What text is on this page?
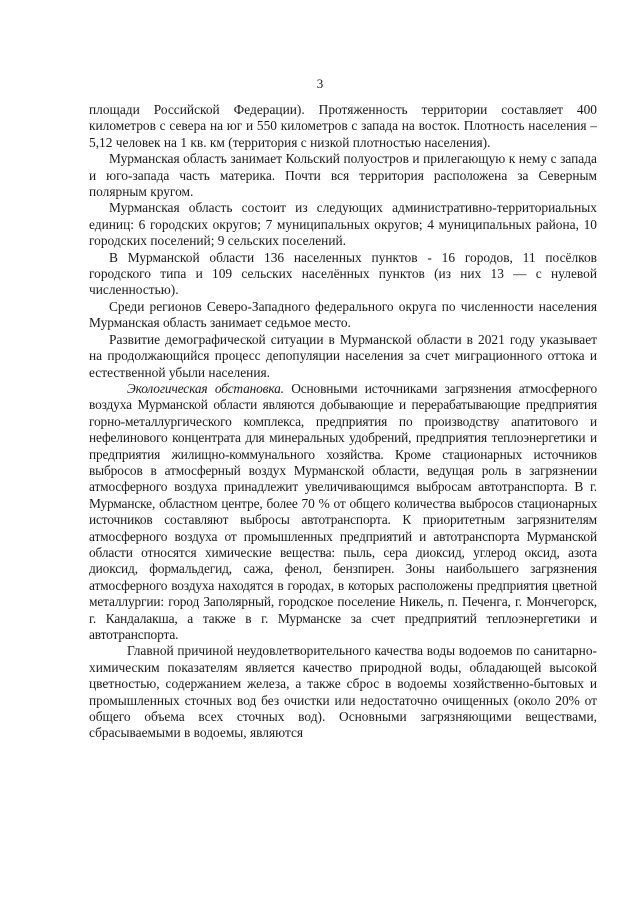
3

площади Российской Федерации). Протяженность территории составляет 400 километров с севера на юг и 550 километров с запада на восток. Плотность населения – 5,12 человек на 1 кв. км (территория с низкой плотностью населения).

Мурманская область занимает Кольский полуостров и прилегающую к нему с запада и юго-запада часть материка. Почти вся территория расположена за Северным полярным кругом.

Мурманская область состоит из следующих административно-территориальных единиц: 6 городских округов; 7 муниципальных округов; 4 муниципальных района, 10 городских поселений; 9 сельских поселений.

В Мурманской области 136 населенных пунктов - 16 городов, 11 посёлков городского типа и 109 сельских населённых пунктов (из них 13 — с нулевой численностью).

Среди регионов Северо-Западного федерального округа по численности населения Мурманская область занимает седьмое место.

Развитие демографической ситуации в Мурманской области в 2021 году указывает на продолжающийся процесс депопуляции населения за счет миграционного оттока и естественной убыли населения.

Экологическая обстановка. Основными источниками загрязнения атмосферного воздуха Мурманской области являются добывающие и перерабатывающие предприятия горно-металлургического комплекса, предприятия по производству апатитового и нефелинового концентрата для минеральных удобрений, предприятия теплоэнергетики и предприятия жилищно-коммунального хозяйства. Кроме стационарных источников выбросов в атмосферный воздух Мурманской области, ведущая роль в загрязнении атмосферного воздуха принадлежит увеличивающимся выбросам автотранспорта. В г. Мурманске, областном центре, более 70 % от общего количества выбросов стационарных источников составляют выбросы автотранспорта. К приоритетным загрязнителям атмосферного воздуха от промышленных предприятий и автотранспорта Мурманской области относятся химические вещества: пыль, сера диоксид, углерод оксид, азота диоксид, формальдегид, сажа, фенол, бензпирен. Зоны наибольшего загрязнения атмосферного воздуха находятся в городах, в которых расположены предприятия цветной металлургии: город Заполярный, городское поселение Никель, п. Печенга, г. Мончегорск, г. Кандалакша, а также в г. Мурманске за счет предприятий теплоэнергетики и автотранспорта.

Главной причиной неудовлетворительного качества воды водоемов по санитарно-химическим показателям является качество природной воды, обладающей высокой цветностью, содержанием железа, а также сброс в водоемы хозяйственно-бытовых и промышленных сточных вод без очистки или недостаточно очищенных (около 20% от общего объема всех сточных вод). Основными загрязняющими веществами, сбрасываемыми в водоемы, являются
